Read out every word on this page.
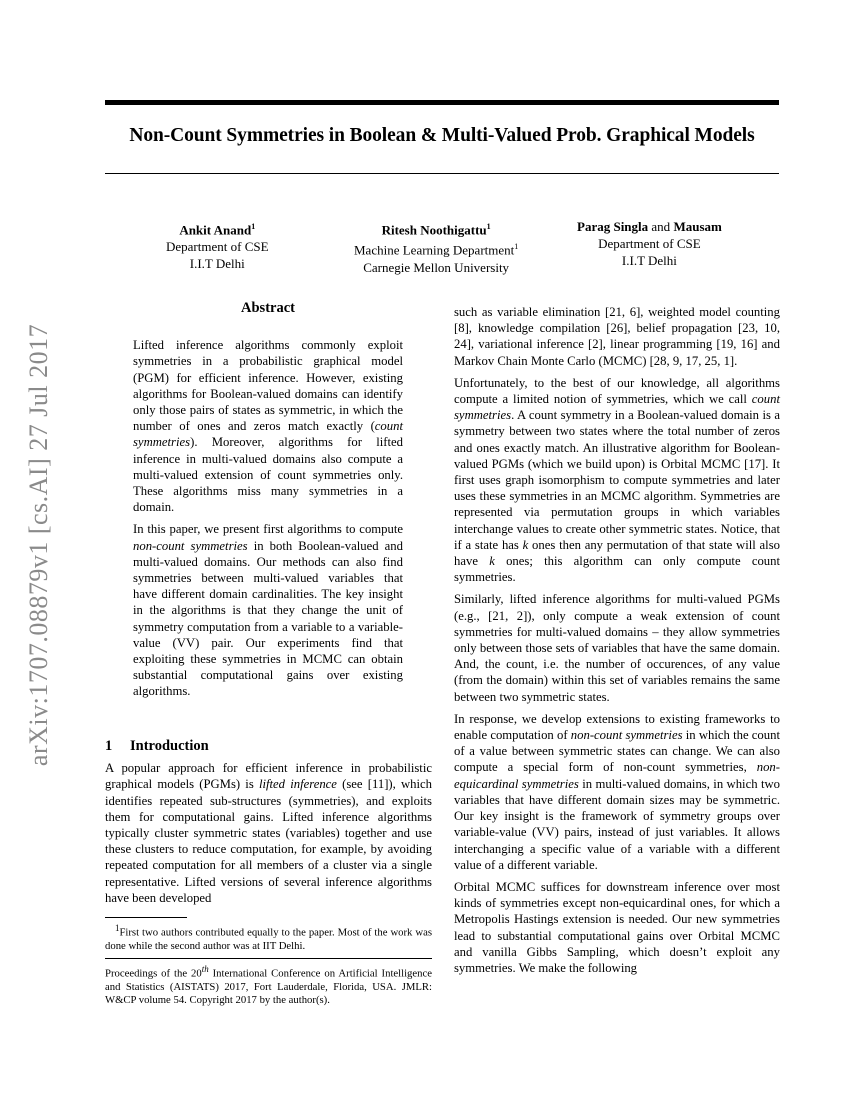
arXiv:1707.08879v1 [cs.AI] 27 Jul 2017
Non-Count Symmetries in Boolean & Multi-Valued Prob. Graphical Models
Ankit Anand$^1$
Department of CSE
I.I.T Delhi
Ritesh Noothigattu$^1$
Machine Learning Department$^1$
Carnegie Mellon University
Parag Singla and Mausam
Department of CSE
I.I.T Delhi
Abstract

Lifted inference algorithms commonly exploit symmetries in a probabilistic graphical model (PGM) for efficient inference. However, existing algorithms for Boolean-valued domains can identify only those pairs of states as symmetric, in which the number of ones and zeros match exactly (count symmetries). Moreover, algorithms for lifted inference in multi-valued domains also compute a multi-valued extension of count symmetries only. These algorithms miss many symmetries in a domain.

In this paper, we present first algorithms to compute non-count symmetries in both Boolean-valued and multi-valued domains. Our methods can also find symmetries between multi-valued variables that have different domain cardinalities. The key insight in the algorithms is that they change the unit of symmetry computation from a variable to a variable-value (VV) pair. Our experiments find that exploiting these symmetries in MCMC can obtain substantial computational gains over existing algorithms.

1 Introduction

A popular approach for efficient inference in probabilistic graphical models (PGMs) is lifted inference (see [11]), which identifies repeated sub-structures (symmetries), and exploits them for computational gains. Lifted inference algorithms typically cluster symmetric states (variables) together and use these clusters to reduce computation, for example, by avoiding repeated computation for all members of a cluster via a single representative. Lifted versions of several inference algorithms have been developed

$^1$First two authors contributed equally to the paper. Most of the work was done while the second author was at IIT Delhi.
Proceedings of the 20th International Conference on Artificial Intelligence and Statistics (AISTATS) 2017, Fort Lauderdale, Florida, USA. JMLR: W&CP volume 54. Copyright 2017 by the author(s).

such as variable elimination [21, 6], weighted model counting [8], knowledge compilation [26], belief propagation [23, 10, 24], variational inference [2], linear programming [19, 16] and Markov Chain Monte Carlo (MCMC) [28, 9, 17, 25, 1].

Unfortunately, to the best of our knowledge, all algorithms compute a limited notion of symmetries, which we call count symmetries. A count symmetry in a Boolean-valued domain is a symmetry between two states where the total number of zeros and ones exactly match. An illustrative algorithm for Boolean-valued PGMs (which we build upon) is Orbital MCMC [17]. It first uses graph isomorphism to compute symmetries and later uses these symmetries in an MCMC algorithm. Symmetries are represented via permutation groups in which variables interchange values to create other symmetric states. Notice, that if a state has k ones then any permutation of that state will also have k ones; this algorithm can only compute count symmetries.

Similarly, lifted inference algorithms for multi-valued PGMs (e.g., [21, 2]), only compute a weak extension of count symmetries for multi-valued domains – they allow symmetries only between those sets of variables that have the same domain. And, the count, i.e. the number of occurences, of any value (from the domain) within this set of variables remains the same between two symmetric states.

In response, we develop extensions to existing frameworks to enable computation of non-count symmetries in which the count of a value between symmetric states can change. We can also compute a special form of non-count symmetries, non-equicardinal symmetries in multi-valued domains, in which two variables that have different domain sizes may be symmetric. Our key insight is the framework of symmetry groups over variable-value (VV) pairs, instead of just variables. It allows interchanging a specific value of a variable with a different value of a different variable.

Orbital MCMC suffices for downstream inference over most kinds of symmetries except non-equicardinal ones, for which a Metropolis Hastings extension is needed. Our new symmetries lead to substantial computational gains over Orbital MCMC and vanilla Gibbs Sampling, which doesn’t exploit any symmetries. We make the following
